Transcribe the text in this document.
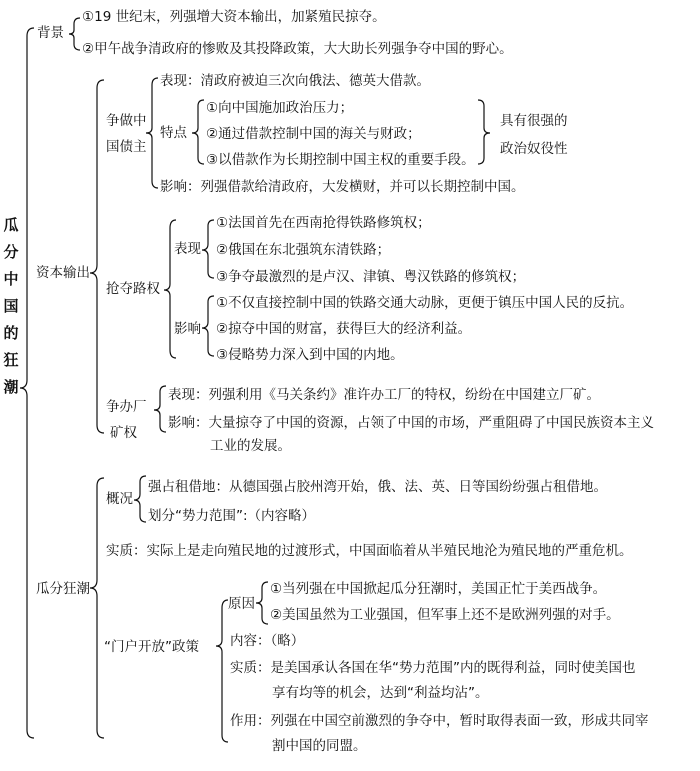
瓜
分
中
国
的
狂
潮
背景
①19 世纪末，列强增大资本输出，加紧殖民掠夺。
②甲午战争清政府的惨败及其投降政策，大大助长列强争夺中国的野心。
资本输出
争做中
国债主
表现：清政府被迫三次向俄法、德英大借款。
特点
①向中国施加政治压力；
②通过借款控制中国的海关与财政；
③以借款作为长期控制中国主权的重要手段。
具有很强的
政治奴役性
影响：列强借款给清政府，大发横财，并可以长期控制中国。
抢夺路权
表现
①法国首先在西南抢得铁路修筑权；
②俄国在东北强筑东清铁路；
③争夺最激烈的是卢汉、津镇、粤汉铁路的修筑权；
影响
①不仅直接控制中国的铁路交通大动脉，更便于镇压中国人民的反抗。
②掠夺中国的财富，获得巨大的经济利益。
③侵略势力深入到中国的内地。
争办厂
矿权
表现：列强利用《马关条约》准许办工厂的特权，纷纷在中国建立厂矿。
影响：大量掠夺了中国的资源，占领了中国的市场，严重阻碍了中国民族资本主义
工业的发展。
瓜分狂潮
概况
强占租借地：从德国强占胶州湾开始，俄、法、英、日等国纷纷强占租借地。
划分“势力范围”:（内容略）
实质：实际上是走向殖民地的过渡形式，中国面临着从半殖民地沦为殖民地的严重危机。
“门户开放”政策
原因
①当列强在中国掀起瓜分狂潮时，美国正忙于美西战争。
②美国虽然为工业强国，但军事上还不是欧洲列强的对手。
内容：（略）
实质：是美国承认各国在华“势力范围”内的既得利益，同时使美国也
享有均等的机会，达到“利益均沾”。
作用：列强在中国空前激烈的争夺中，暂时取得表面一致，形成共同宰
割中国的同盟。
